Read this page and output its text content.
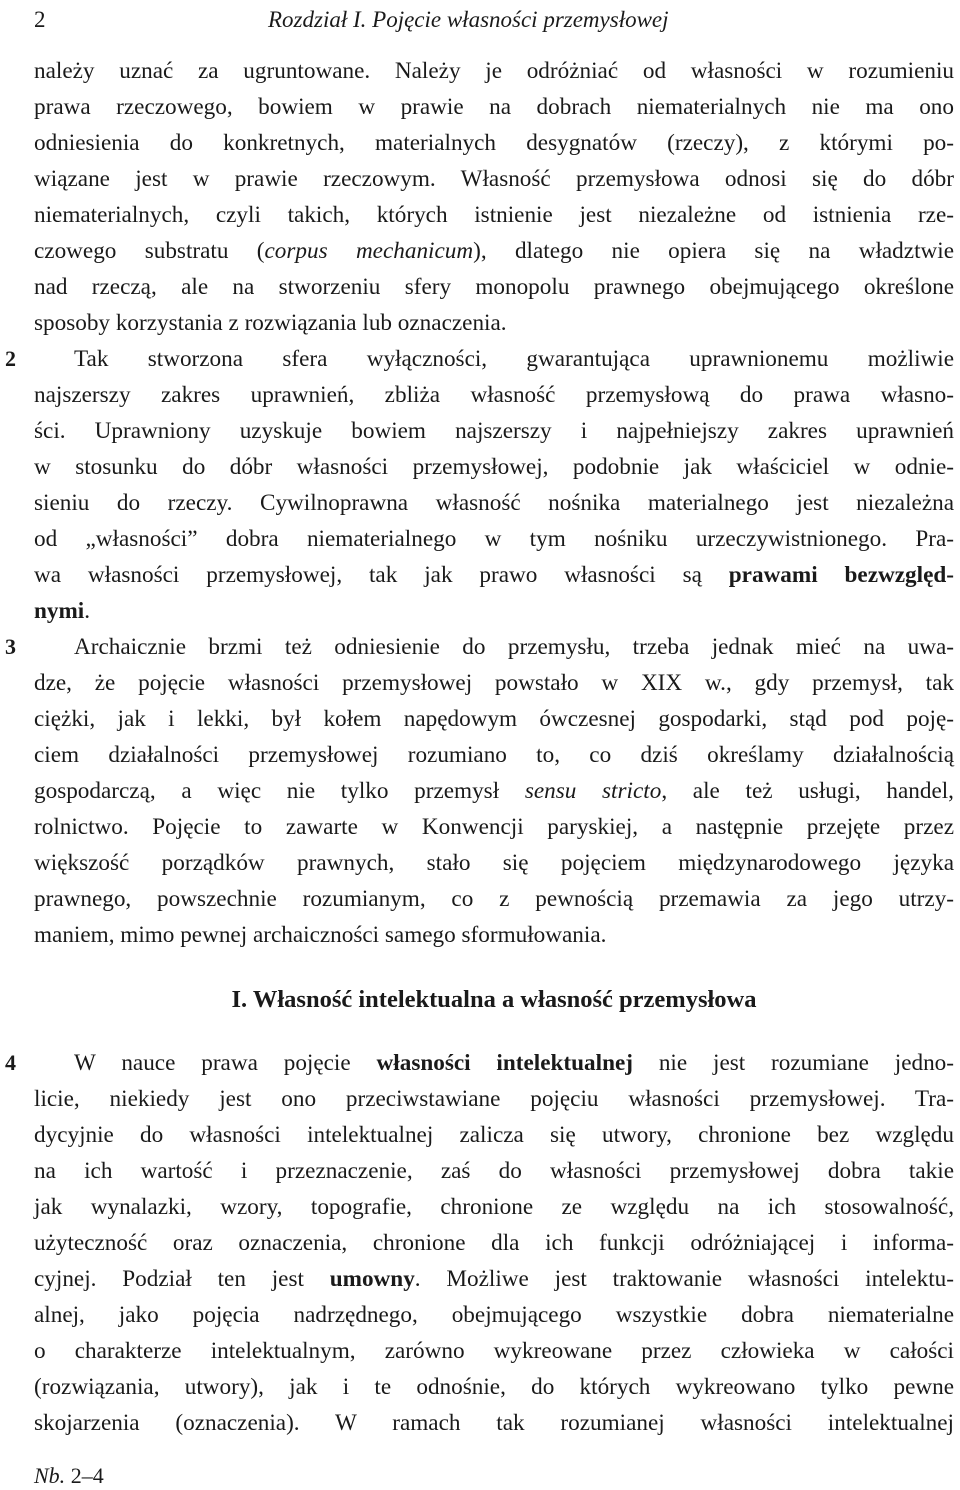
2	Rozdział I. Pojęcie własności przemysłowej
należy uznać za ugruntowane. Należy je odróżniać od własności w rozumieniu
prawa rzeczowego, bowiem w prawie na dobrach niematerialnych nie ma ono
odniesienia do konkretnych, materialnych desygnatów (rzeczy), z którymi po-
wiązane jest w prawie rzeczowym. Własność przemysłowa odnosi się do dóbr
niematerialnych, czyli takich, których istnienie jest niezależne od istnienia rze-
czowego substratu (corpus mechanicum), dlatego nie opiera się na władztwie
nad rzeczą, ale na stworzeniu sfery monopolu prawnego obejmującego określone
sposoby korzystania z rozwiązania lub oznaczenia.
2	Tak stworzona sfera wyłączności, gwarantująca uprawnionemu możliwie
najszerszy zakres uprawnień, zbliża własność przemysłową do prawa własno-
ści. Uprawniony uzyskuje bowiem najszerszy i najpełniejszy zakres uprawnień
w stosunku do dóbr własności przemysłowej, podobnie jak właściciel w odnie-
sieniu do rzeczy. Cywilnoprawna własność nośnika materialnego jest niezależna
od „własności” dobra niematerialnego w tym nośniku urzeczywistnionego. Pra-
wa własności przemysłowej, tak jak prawo własności są prawami bezwzględ-
nymi.
3	Archaicznie brzmi też odniesienie do przemysłu, trzeba jednak mieć na uwa-
dze, że pojęcie własności przemysłowej powstało w XIX w., gdy przemysł, tak
ciężki, jak i lekki, był kołem napędowym ówczesnej gospodarki, stąd pod poję-
ciem działalności przemysłowej rozumiano to, co dziś określamy działalnością
gospodarczą, a więc nie tylko przemysł sensu stricto, ale też usługi, handel,
rolnictwo. Pojęcie to zawarte w Konwencji paryskiej, a następnie przejęte przez
większość porządków prawnych, stało się pojęciem międzynarodowego języka
prawnego, powszechnie rozumianym, co z pewnością przemawia za jego utrzy-
maniem, mimo pewnej archaiczności samego sformułowania.
I. Własność intelektualna a własność przemysłowa
4	W nauce prawa pojęcie własności intelektualnej nie jest rozumiane jedno-
licie, niekiedy jest ono przeciwstawiane pojęciu własności przemysłowej. Tra-
dycyjnie do własności intelektualnej zalicza się utwory, chronione bez względu
na ich wartość i przeznaczenie, zaś do własności przemysłowej dobra takie
jak wynalazki, wzory, topografie, chronione ze względu na ich stosowalność,
użyteczność oraz oznaczenia, chronione dla ich funkcji odróżniającej i informa-
cyjnej. Podział ten jest umowny. Możliwe jest traktowanie własności intelektu-
alnej, jako pojęcia nadrzędnego, obejmującego wszystkie dobra niematerialne
o charakterze intelektualnym, zarówno wykreowane przez człowieka w całości
(rozwiązania, utwory), jak i te odnośnie, do których wykreowano tylko pewne
skojarzenia (oznaczenia). W ramach tak rozumianej własności intelektualnej
Nb. 2–4
